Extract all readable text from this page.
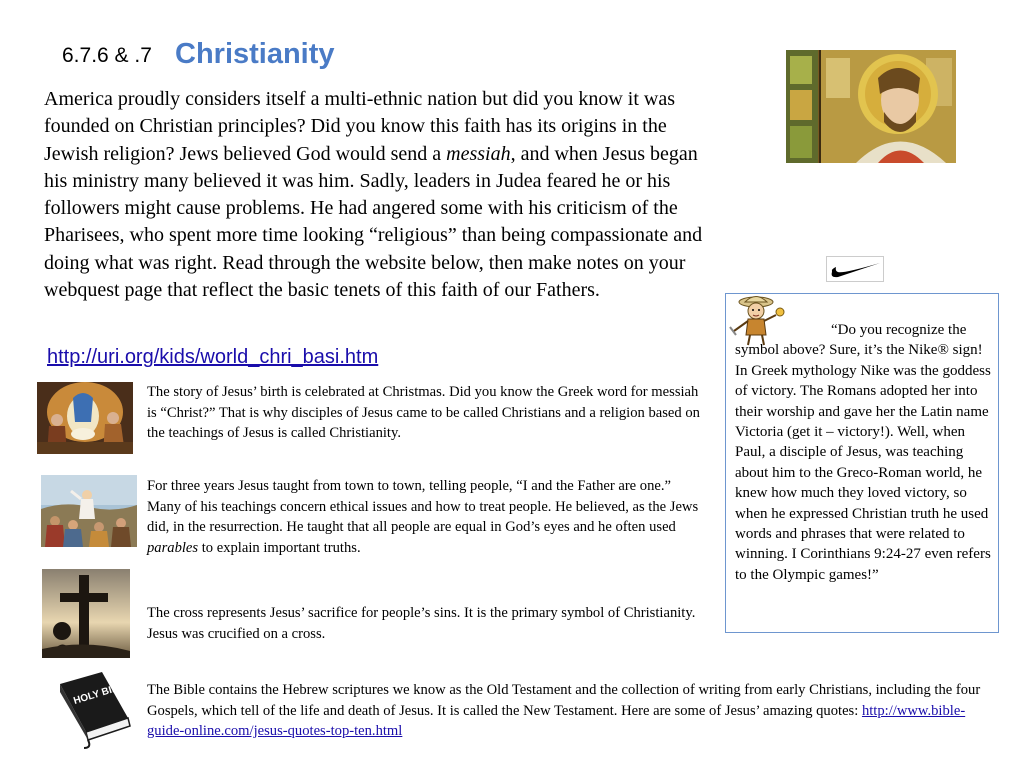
6.7.6 & .7 Christianity
America proudly considers itself a multi-ethnic nation but did you know it was founded on Christian principles? Did you know this faith has its origins in the Jewish religion? Jews believed God would send a messiah, and when Jesus began his ministry many believed it was him. Sadly, leaders in Judea feared he or his followers might cause problems. He had angered some with his criticism of the Pharisees, who spent more time looking “religious” than being compassionate and doing what was right. Read through the website below, then make notes on your webquest page that reflect the basic tenets of this faith of our Fathers.
http://uri.org/kids/world_chri_basi.htm
“Do you recognize the symbol above? Sure, it’s the Nike® sign! In Greek mythology Nike was the goddess of victory. The Romans adopted her into their worship and gave her the Latin name Victoria (get it – victory!). Well, when Paul, a disciple of Jesus, was teaching about him to the Greco-Roman world, he knew how much they loved victory, so when he expressed Christian truth he used words and phrases that were related to winning. I Corinthians 9:24-27 even refers to the Olympic games!”
The story of Jesus’ birth is celebrated at Christmas. Did you know the Greek word for messiah is “Christ?” That is why disciples of Jesus came to be called Christians and a religion based on the teachings of Jesus is called Christianity.
For three years Jesus taught from town to town, telling people, “I and the Father are one.” Many of his teachings concern ethical issues and how to treat people. He believed, as the Jews did, in the resurrection. He taught that all people are equal in God’s eyes and he often used parables to explain important truths.
The cross represents Jesus’ sacrifice for people’s sins. It is the primary symbol of Christianity. Jesus was crucified on a cross.
HOLY BIBLE The Bible contains the Hebrew scriptures we know as the Old Testament and the collection of writing from early Christians, including the four Gospels, which tell of the life and death of Jesus. It is called the New Testament. Here are some of Jesus’ amazing quotes: http://www.bible-guide-online.com/jesus-quotes-top-ten.html
